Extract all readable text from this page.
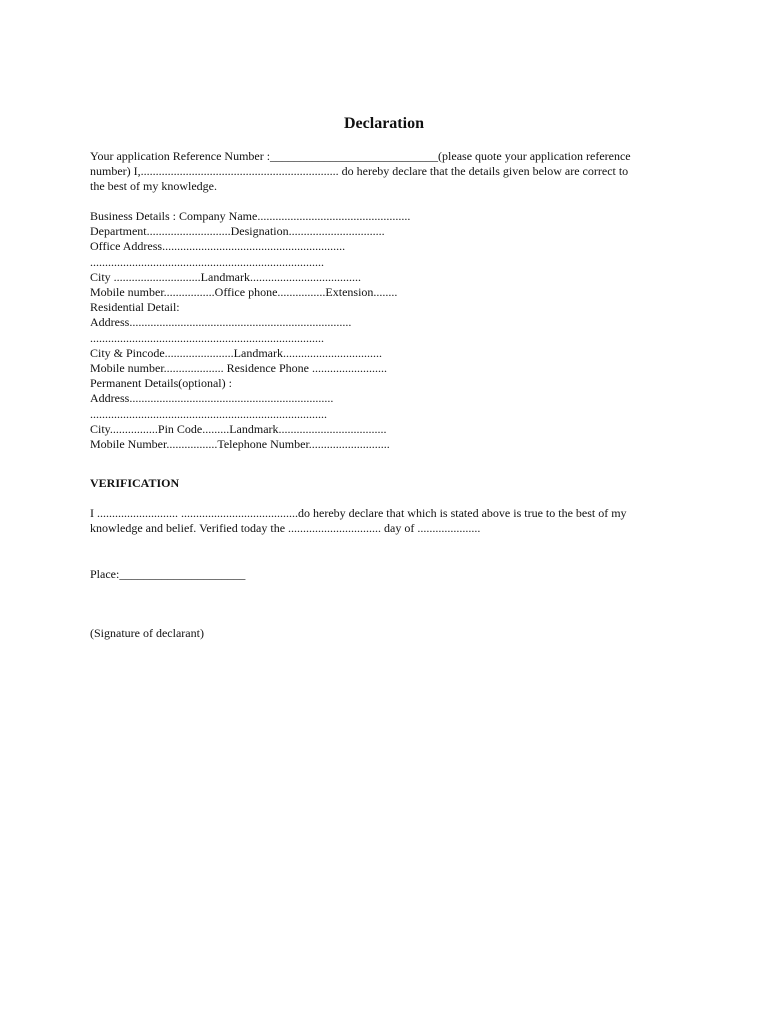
Declaration
Your application Reference Number :____________________________(please quote your application reference
number) I,.................................................................. do hereby declare that the details given below are correct to
the best of my knowledge.
Business Details : Company Name...................................................
Department............................Designation................................
Office Address.............................................................
..............................................................................
City .............................Landmark.....................................
Mobile number.................Office phone................Extension........
Residential Detail:
Address..........................................................................
..............................................................................
City & Pincode.......................Landmark.................................
Mobile number.................... Residence Phone .........................
Permanent Details(optional) :
Address....................................................................
...............................................................................
City................Pin Code.........Landmark....................................
Mobile Number.................Telephone Number...........................
VERIFICATION
I ........................... .......................................do hereby declare that which is stated above is true to the best of my
knowledge and belief. Verified today the ............................... day of .....................
Place:_____________________
(Signature of declarant)
